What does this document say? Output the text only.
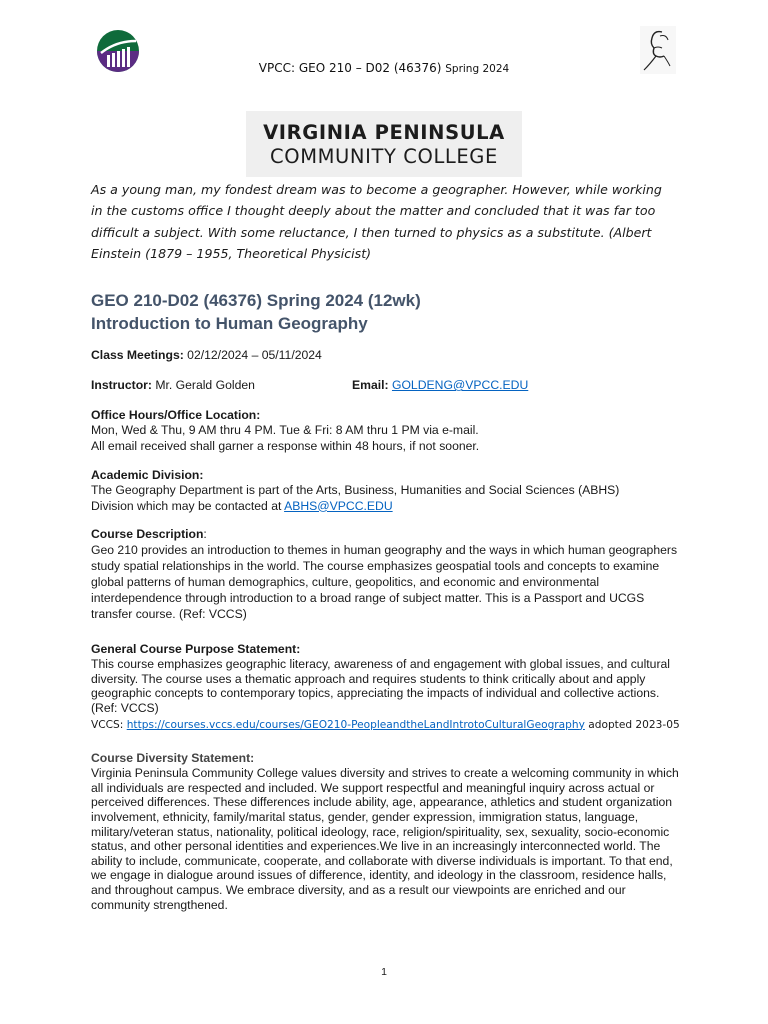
VPCC: GEO 210 – D02 (46376) Spring 2024
VIRGINIA PENINSULA
COMMUNITY COLLEGE
As a young man, my fondest dream was to become a geographer. However, while working in the customs office I thought deeply about the matter and concluded that it was far too difficult a subject. With some reluctance, I then turned to physics as a substitute. (Albert Einstein (1879 – 1955, Theoretical Physicist)
GEO 210-D02 (46376) Spring 2024 (12wk)
Introduction to Human Geography
Class Meetings: 02/12/2024 – 05/11/2024
Instructor: Mr. Gerald Golden	Email: GOLDENG@VPCC.EDU
Office Hours/Office Location:
Mon, Wed & Thu, 9 AM thru 4 PM. Tue & Fri: 8 AM thru 1 PM via e-mail.
All email received shall garner a response within 48 hours, if not sooner.
Academic Division:
The Geography Department is part of the Arts, Business, Humanities and Social Sciences (ABHS) Division which may be contacted at ABHS@VPCC.EDU
Course Description:
Geo 210 provides an introduction to themes in human geography and the ways in which human geographers study spatial relationships in the world. The course emphasizes geospatial tools and concepts to examine global patterns of human demographics, culture, geopolitics, and economic and environmental interdependence through introduction to a broad range of subject matter. This is a Passport and UCGS transfer course. (Ref: VCCS)
General Course Purpose Statement:
This course emphasizes geographic literacy, awareness of and engagement with global issues, and cultural diversity. The course uses a thematic approach and requires students to think critically about and apply geographic concepts to contemporary topics, appreciating the impacts of individual and collective actions. (Ref: VCCS)
VCCS: https://courses.vccs.edu/courses/GEO210-PeopleandtheLandIntrotoCulturalGeography adopted 2023-05
Course Diversity Statement:
Virginia Peninsula Community College values diversity and strives to create a welcoming community in which all individuals are respected and included. We support respectful and meaningful inquiry across actual or perceived differences. These differences include ability, age, appearance, athletics and student organization involvement, ethnicity, family/marital status, gender, gender expression, immigration status, language, military/veteran status, nationality, political ideology, race, religion/spirituality, sex, sexuality, socio-economic status, and other personal identities and experiences.We live in an increasingly interconnected world. The ability to include, communicate, cooperate, and collaborate with diverse individuals is important. To that end, we engage in dialogue around issues of difference, identity, and ideology in the classroom, residence halls, and throughout campus. We embrace diversity, and as a result our viewpoints are enriched and our community strengthened.
1
